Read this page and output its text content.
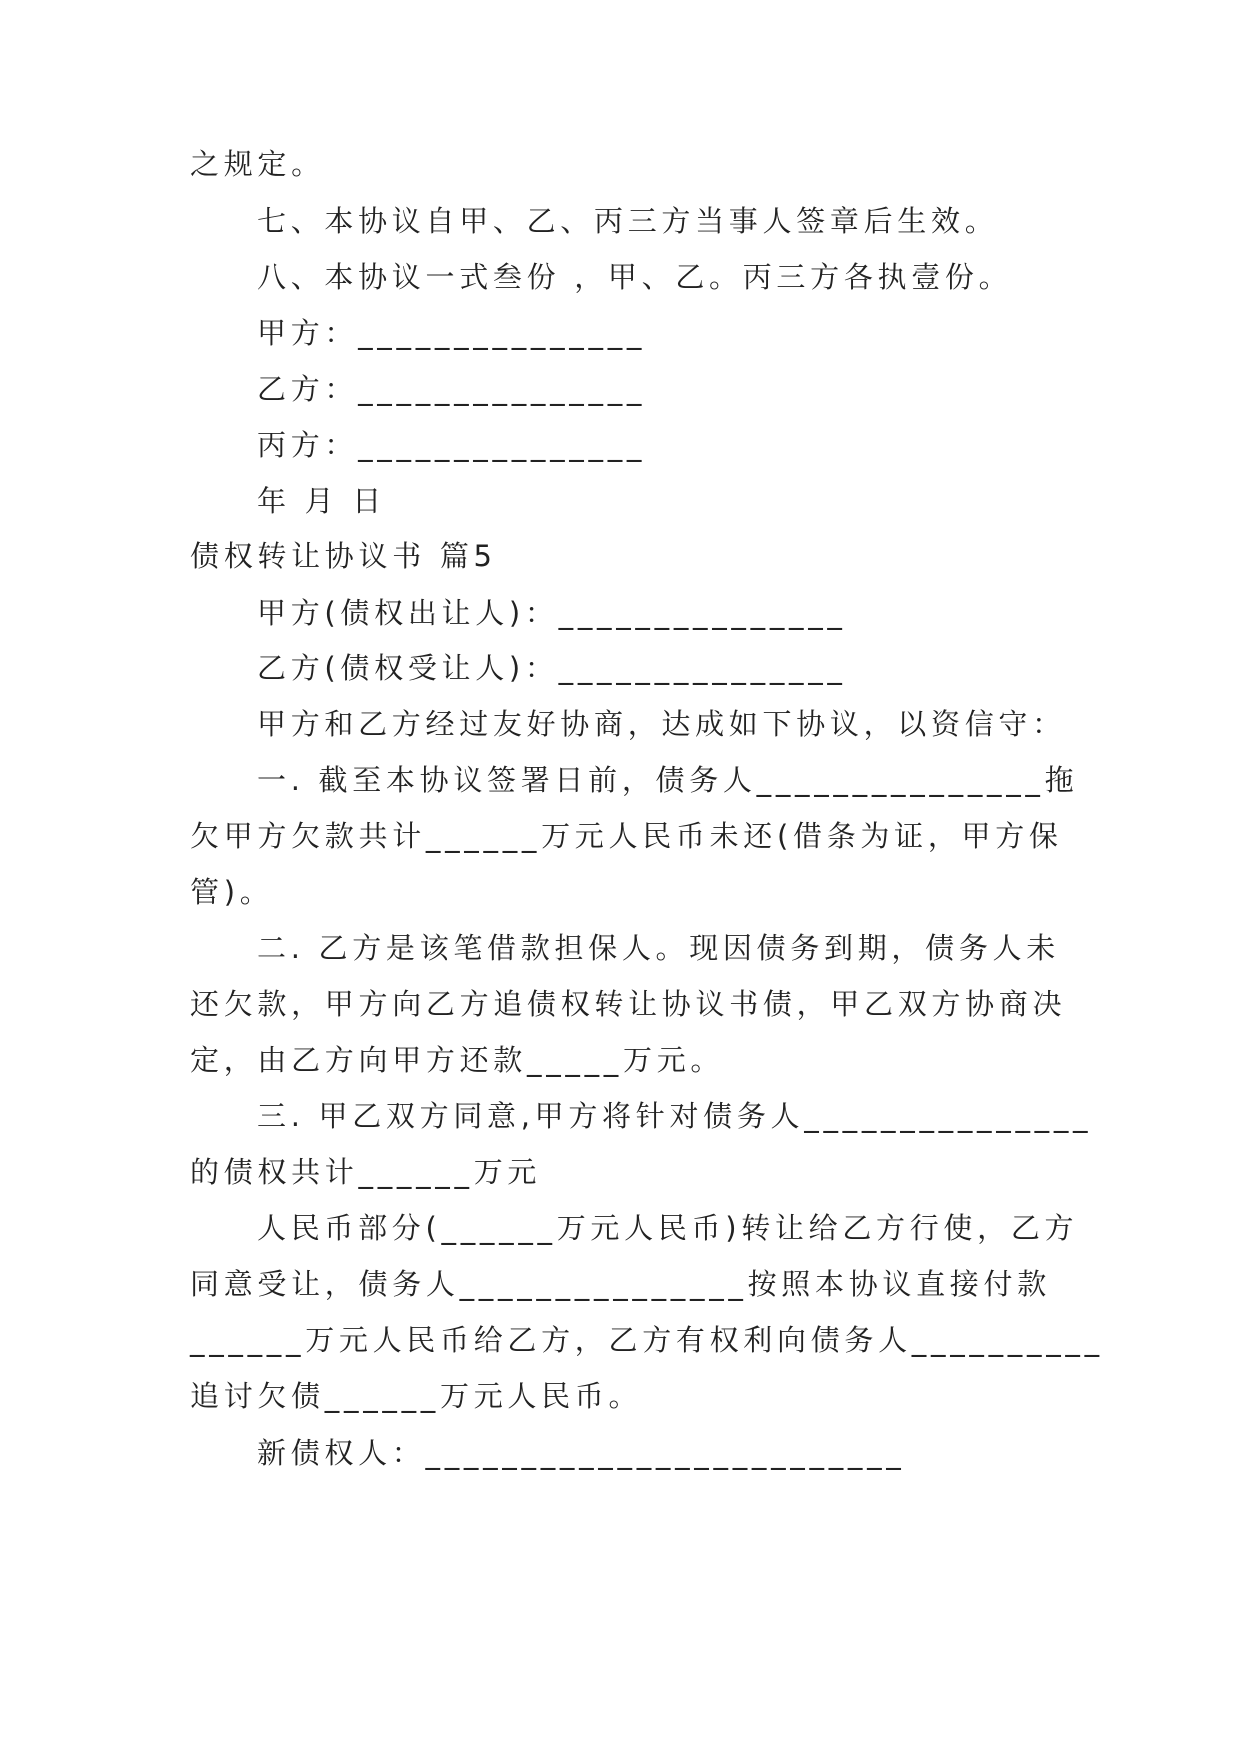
之规定。

七、本协议自甲、乙、丙三方当事人签章后生效。

八、本协议一式叁份 ，甲、乙。丙三方各执壹份。

甲方：_______________

乙方：_______________

丙方：_______________

年 月 日

债权转让协议书 篇5

甲方(债权出让人)：_______________

乙方(债权受让人)：_______________

甲方和乙方经过友好协商，达成如下协议，以资信守：

一. 截至本协议签署日前，债务人_______________拖

欠甲方欠款共计______万元人民币未还(借条为证，甲方保

管)。

二. 乙方是该笔借款担保人。现因债务到期，债务人未

还欠款，甲方向乙方追债权转让协议书债，甲乙双方协商决

定，由乙方向甲方还款_____万元。

三. 甲乙双方同意,甲方将针对债务人_______________

的债权共计______万元

人民币部分(______万元人民币)转让给乙方行使，乙方

同意受让，债务人_______________按照本协议直接付款

______万元人民币给乙方，乙方有权利向债务人__________

追讨欠债______万元人民币。

新债权人：_________________________
